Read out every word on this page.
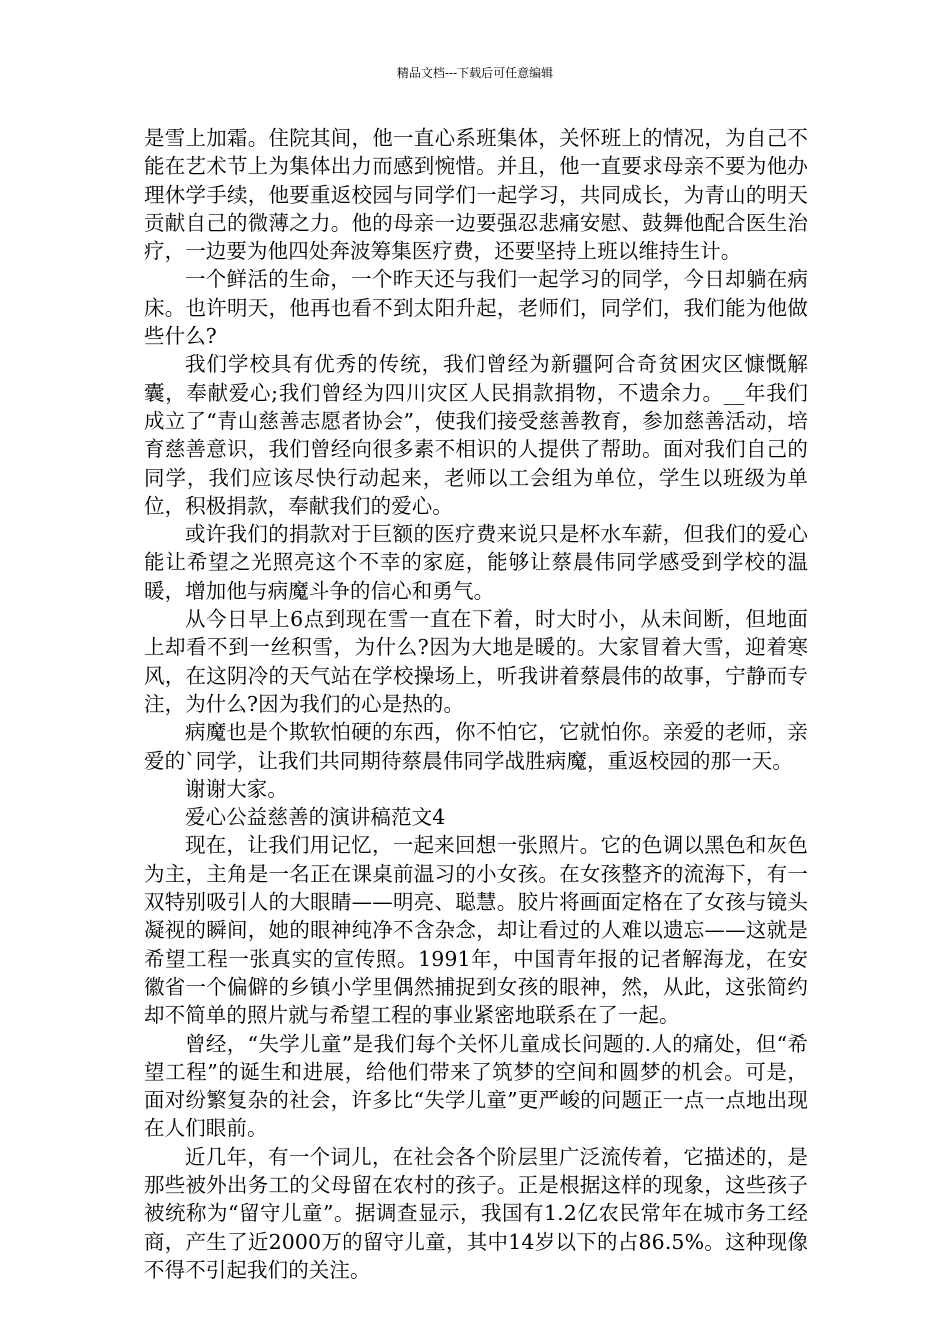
精品文档---下载后可任意编辑

是雪上加霜。住院其间，他一直心系班集体，关怀班上的情况，为自己不能在艺术节上为集体出力而感到惋惜。并且，他一直要求母亲不要为他办理休学手续，他要重返校园与同学们一起学习，共同成长，为青山的明天贡献自己的微薄之力。他的母亲一边要强忍悲痛安慰、鼓舞他配合医生治疗，一边要为他四处奔波筹集医疗费，还要坚持上班以维持生计。

一个鲜活的生命，一个昨天还与我们一起学习的同学，今日却躺在病床。也许明天，他再也看不到太阳升起，老师们，同学们，我们能为他做些什么?

我们学校具有优秀的传统，我们曾经为新疆阿合奇贫困灾区慷慨解囊，奉献爱心;我们曾经为四川灾区人民捐款捐物，不遗余力。__年我们成立了“青山慈善志愿者协会”，使我们接受慈善教育，参加慈善活动，培育慈善意识，我们曾经向很多素不相识的人提供了帮助。面对我们自己的同学，我们应该尽快行动起来，老师以工会组为单位，学生以班级为单位，积极捐款，奉献我们的爱心。

或许我们的捐款对于巨额的医疗费来说只是杯水车薪，但我们的爱心能让希望之光照亮这个不幸的家庭，能够让蔡晨伟同学感受到学校的温暖，增加他与病魔斗争的信心和勇气。

从今日早上6点到现在雪一直在下着，时大时小，从未间断，但地面上却看不到一丝积雪，为什么?因为大地是暖的。大家冒着大雪，迎着寒风，在这阴冷的天气站在学校操场上，听我讲着蔡晨伟的故事，宁静而专注，为什么?因为我们的心是热的。

病魔也是个欺软怕硬的东西，你不怕它，它就怕你。亲爱的老师，亲爱的`同学，让我们共同期待蔡晨伟同学战胜病魔，重返校园的那一天。

谢谢大家。

爱心公益慈善的演讲稿范文4

现在，让我们用记忆，一起来回想一张照片。它的色调以黑色和灰色为主，主角是一名正在课桌前温习的小女孩。在女孩整齐的流海下，有一双特别吸引人的大眼睛——明亮、聪慧。胶片将画面定格在了女孩与镜头凝视的瞬间，她的眼神纯净不含杂念，却让看过的人难以遗忘——这就是希望工程一张真实的宣传照。1991年，中国青年报的记者解海龙，在安徽省一个偏僻的乡镇小学里偶然捕捉到女孩的眼神，然，从此，这张简约却不简单的照片就与希望工程的事业紧密地联系在了一起。

曾经，“失学儿童”是我们每个关怀儿童成长问题的.人的痛处，但“希望工程”的诞生和进展，给他们带来了筑梦的空间和圆梦的机会。可是，面对纷繁复杂的社会，许多比“失学儿童”更严峻的问题正一点一点地出现在人们眼前。

近几年，有一个词儿，在社会各个阶层里广泛流传着，它描述的，是那些被外出务工的父母留在农村的孩子。正是根据这样的现象，这些孩子被统称为“留守儿童”。据调查显示，我国有1.2亿农民常年在城市务工经商，产生了近2000万的留守儿童，其中14岁以下的占86.5%。这种现像不得不引起我们的关注。
